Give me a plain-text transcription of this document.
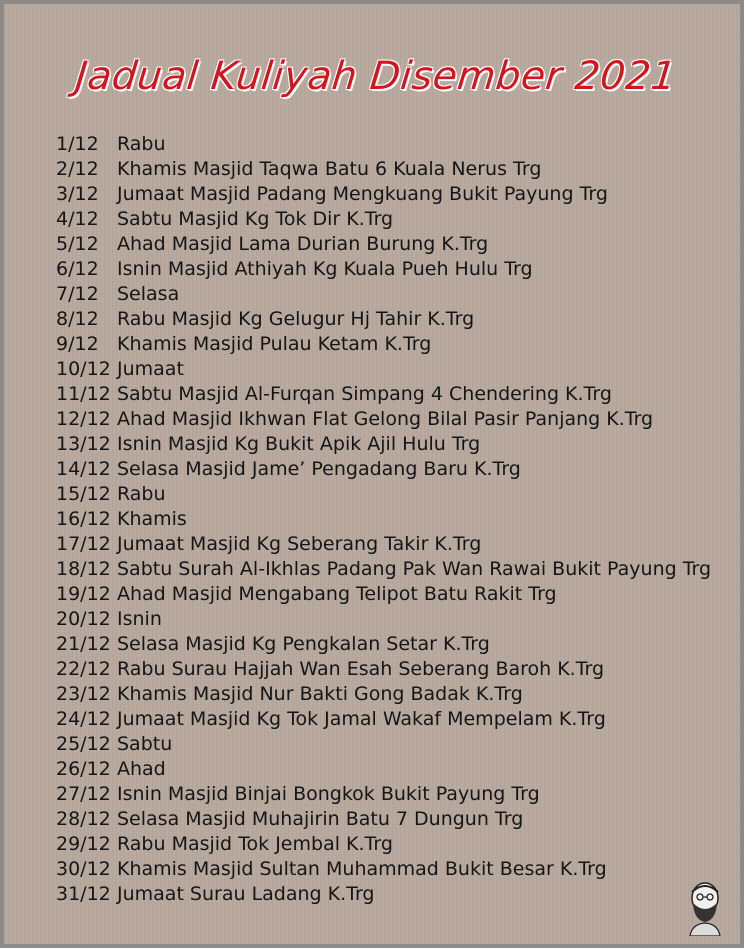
Jadual Kuliyah Disember 2021
1/12 Rabu
2/12 Khamis Masjid Taqwa Batu 6 Kuala Nerus Trg
3/12 Jumaat Masjid Padang Mengkuang Bukit Payung Trg
4/12 Sabtu Masjid Kg Tok Dir K.Trg
5/12 Ahad Masjid Lama Durian Burung K.Trg
6/12 Isnin Masjid Athiyah Kg Kuala Pueh Hulu Trg
7/12 Selasa
8/12 Rabu Masjid Kg Gelugur Hj Tahir K.Trg
9/12 Khamis Masjid Pulau Ketam K.Trg
10/12 Jumaat
11/12 Sabtu Masjid Al-Furqan Simpang 4 Chendering K.Trg
12/12 Ahad Masjid Ikhwan Flat Gelong Bilal Pasir Panjang K.Trg
13/12 Isnin Masjid Kg Bukit Apik Ajil Hulu Trg
14/12 Selasa Masjid Jame’ Pengadang Baru K.Trg
15/12 Rabu
16/12 Khamis
17/12 Jumaat Masjid Kg Seberang Takir K.Trg
18/12 Sabtu Surah Al-Ikhlas Padang Pak Wan Rawai Bukit Payung Trg
19/12 Ahad Masjid Mengabang Telipot Batu Rakit Trg
20/12 Isnin
21/12 Selasa Masjid Kg Pengkalan Setar K.Trg
22/12 Rabu Surau Hajjah Wan Esah Seberang Baroh K.Trg
23/12 Khamis Masjid Nur Bakti Gong Badak K.Trg
24/12 Jumaat Masjid Kg Tok Jamal Wakaf Mempelam K.Trg
25/12 Sabtu
26/12 Ahad
27/12 Isnin Masjid Binjai Bongkok Bukit Payung Trg
28/12 Selasa Masjid Muhajirin Batu 7 Dungun Trg
29/12 Rabu Masjid Tok Jembal K.Trg
30/12 Khamis Masjid Sultan Muhammad Bukit Besar K.Trg
31/12 Jumaat Surau Ladang K.Trg
